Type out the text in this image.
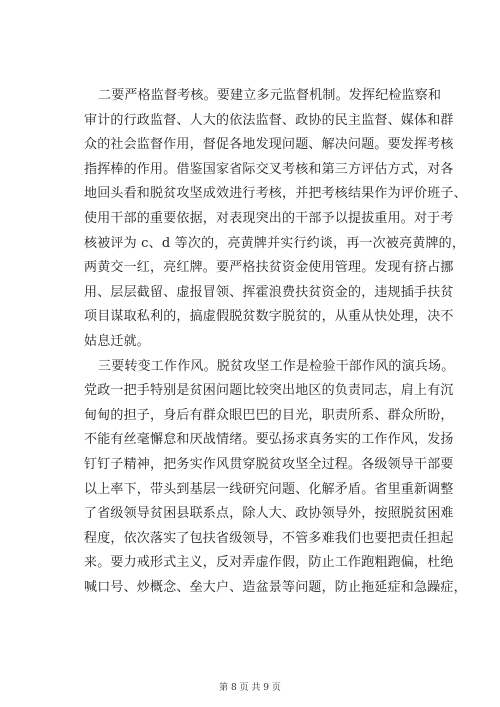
二要严格监督考核。要建立多元监督机制。发挥纪检监察和
审计的行政监督、人大的依法监督、政协的民主监督、媒体和群
众的社会监督作用，督促各地发现问题、解决问题。要发挥考核
指挥棒的作用。借鉴国家省际交叉考核和第三方评估方式，对各
地回头看和脱贫攻坚成效进行考核，并把考核结果作为评价班子、
使用干部的重要依据，对表现突出的干部予以提拔重用。对于考
核被评为 c、d 等次的，亮黄牌并实行约谈，再一次被亮黄牌的，
两黄交一红，亮红牌。要严格扶贫资金使用管理。发现有挤占挪
用、层层截留、虚报冒领、挥霍浪费扶贫资金的，违规插手扶贫
项目谋取私利的，搞虚假脱贫数字脱贫的，从重从快处理，决不
姑息迁就。
三要转变工作作风。脱贫攻坚工作是检验干部作风的演兵场。
党政一把手特别是贫困问题比较突出地区的负责同志，肩上有沉
甸甸的担子，身后有群众眼巴巴的目光，职责所系、群众所盼，
不能有丝毫懈怠和厌战情绪。要弘扬求真务实的工作作风，发扬
钉钉子精神，把务实作风贯穿脱贫攻坚全过程。各级领导干部要
以上率下，带头到基层一线研究问题、化解矛盾。省里重新调整
了省级领导贫困县联系点，除人大、政协领导外，按照脱贫困难
程度，依次落实了包扶省级领导，不管多难我们也要把责任担起
来。要力戒形式主义，反对弄虚作假，防止工作跑粗跑偏，杜绝
喊口号、炒概念、垒大户、造盆景等问题，防止拖延症和急躁症，
第 8 页 共 9 页
